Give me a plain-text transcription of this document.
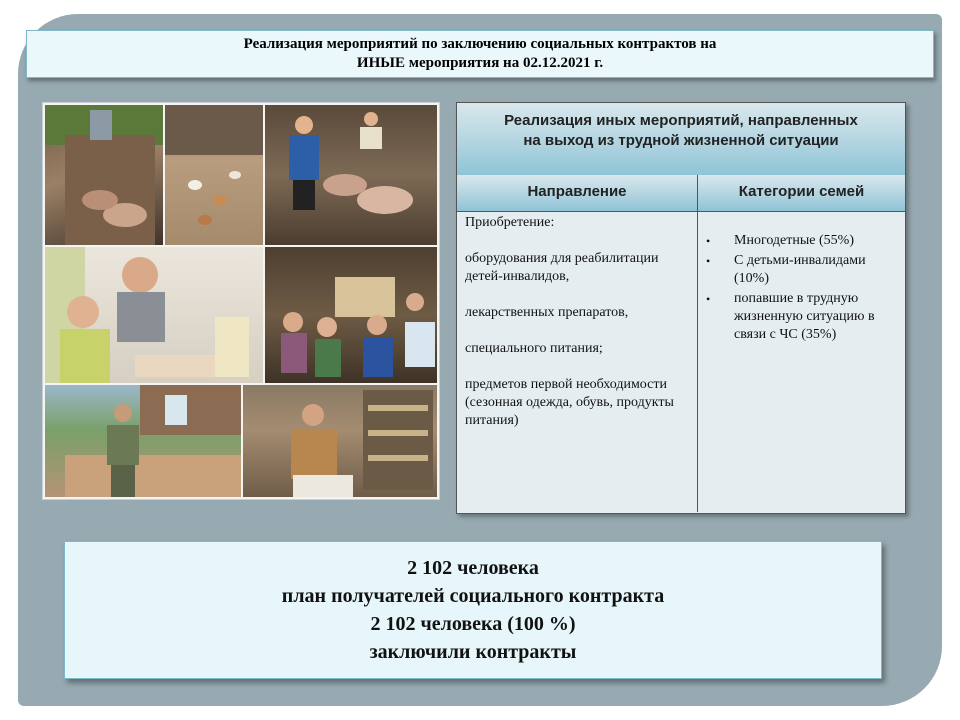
Реализация мероприятий по заключению социальных контрактов на
ИНЫЕ мероприятия на 02.12.2021 г.
Реализация иных мероприятий, направленных
на выход из трудной жизненной ситуации
Направление	Категории семей

Приобретение:

оборудования для реабилитации детей-инвалидов,

лекарственных препаратов,

специального питания;

предметов первой необходимости (сезонная одежда, обувь, продукты питания)

• Многодетные (55%)
• С детьми-инвалидами (10%)
• попавшие в трудную жизненную ситуацию в связи с ЧС (35%)
2 102 человека
план получателей социального контракта
2 102 человека (100 %)
заключили контракты
